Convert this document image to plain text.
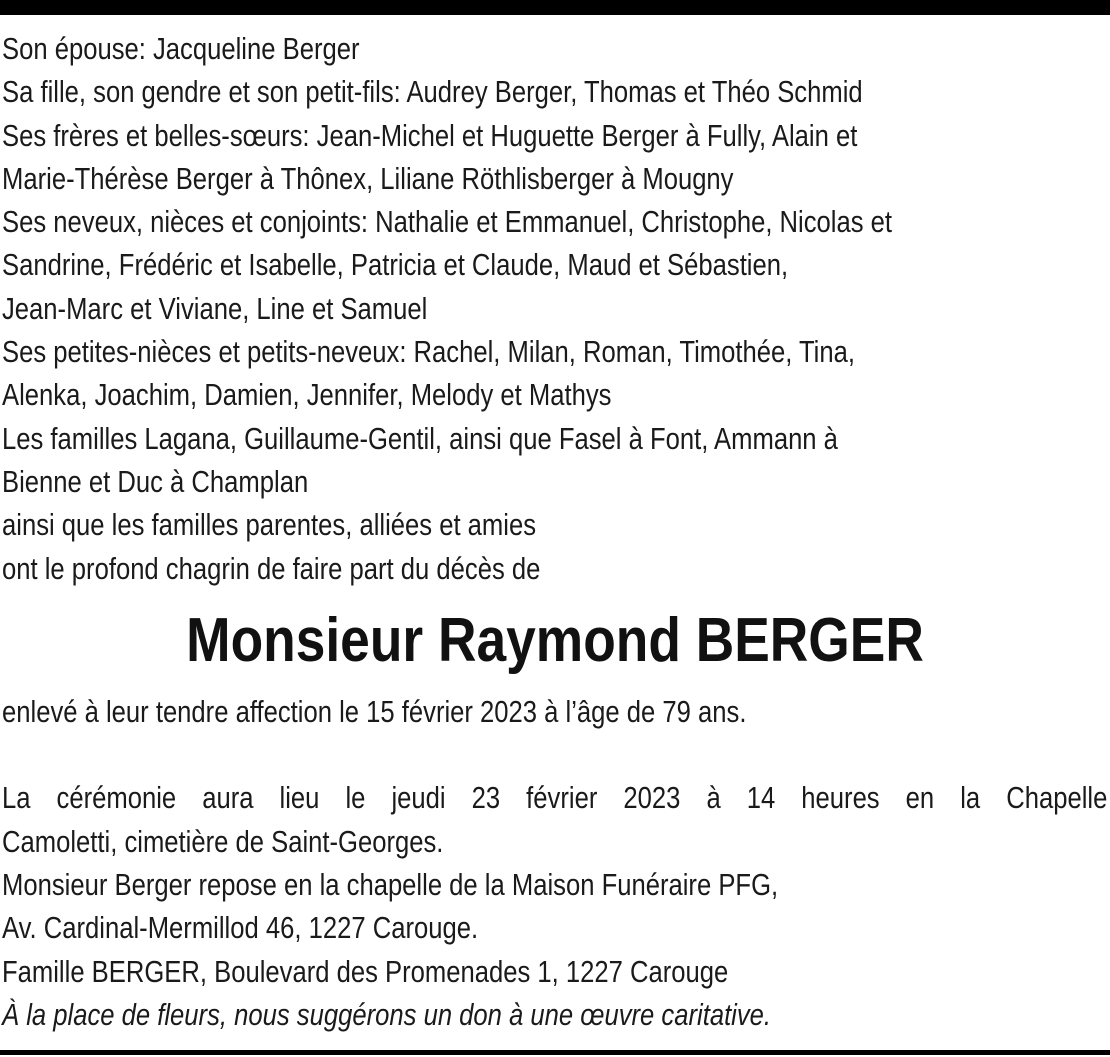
Son épouse: Jacqueline Berger
Sa fille, son gendre et son petit-fils: Audrey Berger, Thomas et Théo Schmid
Ses frères et belles-sœurs: Jean-Michel et Huguette Berger à Fully, Alain et
Marie-Thérèse Berger à Thônex, Liliane Röthlisberger à Mougny
Ses neveux, nièces et conjoints: Nathalie et Emmanuel, Christophe, Nicolas et
Sandrine, Frédéric et Isabelle, Patricia et Claude, Maud et Sébastien,
Jean-Marc et Viviane, Line et Samuel
Ses petites-nièces et petits-neveux: Rachel, Milan, Roman, Timothée, Tina,
Alenka, Joachim, Damien, Jennifer, Melody et Mathys
Les familles Lagana, Guillaume-Gentil, ainsi que Fasel à Font, Ammann à
Bienne et Duc à Champlan
ainsi que les familles parentes, alliées et amies
ont le profond chagrin de faire part du décès de
Monsieur Raymond BERGER
enlevé à leur tendre affection le 15 février 2023 à l’âge de 79 ans.
La cérémonie aura lieu le jeudi 23 février 2023 à 14 heures en la Chapelle
Camoletti, cimetière de Saint-Georges.
Monsieur Berger repose en la chapelle de la Maison Funéraire PFG,
Av. Cardinal-Mermillod 46, 1227 Carouge.
Famille BERGER, Boulevard des Promenades 1, 1227 Carouge
À la place de fleurs, nous suggérons un don à une œuvre caritative.
